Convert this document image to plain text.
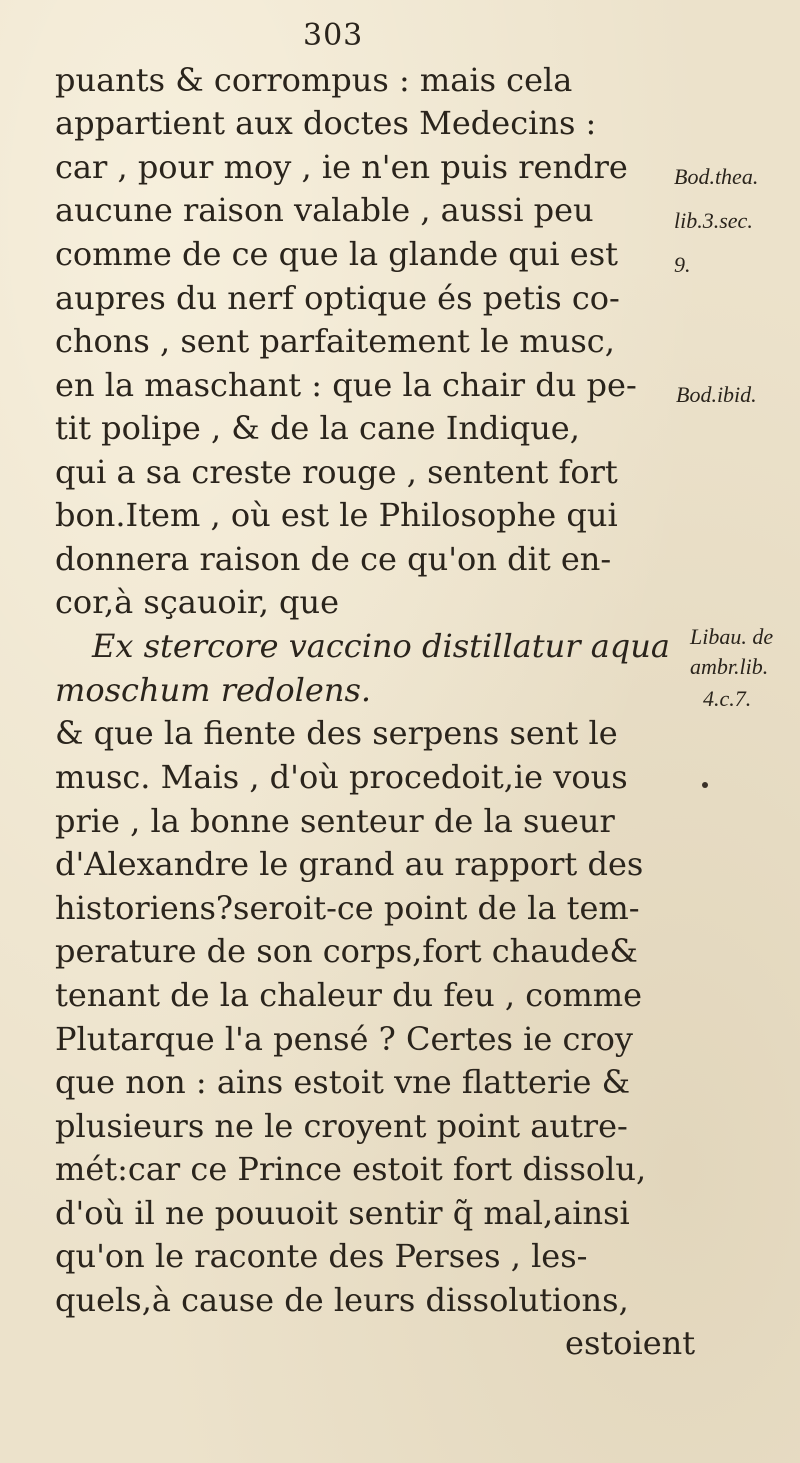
303
puants & corrompus : mais cela
appartient aux doctes Medecins :
car , pour moy , ie n'en puis rendre
aucune raison valable , aussi peu
comme de ce que la glande qui est
aupres du nerf optique és petis co-
chons , sent parfaitement le musc,
en la maschant : que la chair du pe-
tit polipe , & de la cane Indique,
qui a sa creste rouge , sentent fort
bon.Item , où est le Philosophe qui
donnera raison de ce qu'on dit en-
cor,à sçauoir, que
Ex stercore vaccino distillatur aqua
moschum redolens.
& que la fiente des serpens sent le
musc. Mais , d'où procedoit,ie vous
prie , la bonne senteur de la sueur
d'Alexandre le grand au rapport des
historiens?seroit-ce point de la tem-
perature de son corps,fort chaude&
tenant de la chaleur du feu , comme
Plutarque l'a pensé ? Certes ie croy
que non : ains estoit vne flatterie &
plusieurs ne le croyent point autre-
mét:car ce Prince estoit fort dissolu,
d'où il ne pouuoit sentir q̃ mal,ainsi
qu'on le raconte des Perses , les-
quels,à cause de leurs dissolutions,
estoient
Bod.thea.
lib.3.sec.
9.
Bod.ibid.
Libau. de
ambr.lib.
4.c.7.
